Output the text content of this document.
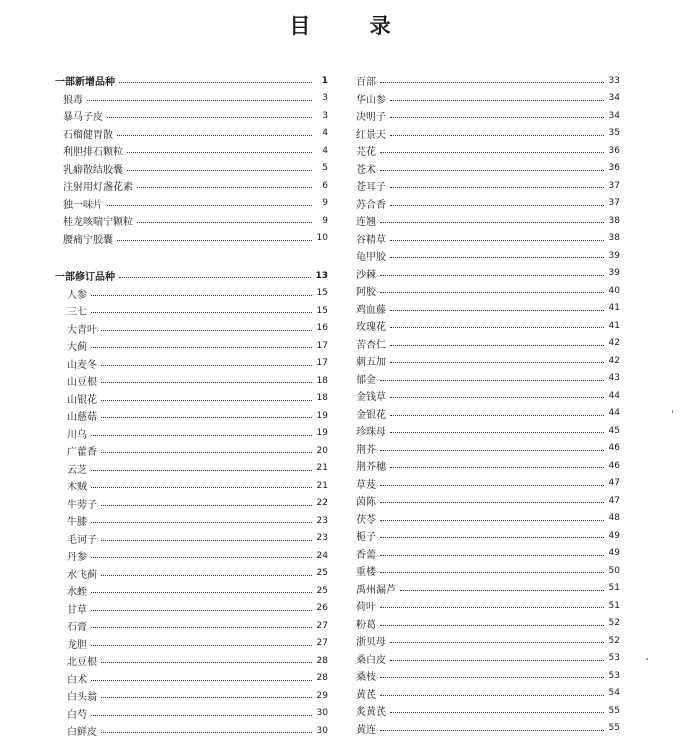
目 录
一部新增品种	1
狼毒	3
暴马子皮	3
石榴健胃散	4
利胆排石颗粒	4
乳癖散结胶囊	5
注射用灯盏花素	6
独一味片	9
桂龙咳喘宁颗粒	9
腰痛宁胶囊	10
一部修订品种	13
人参	15
三七	15
大青叶	16
大蓟	17
山麦冬	17
山豆根	18
山银花	18
山慈菇	19
川乌	19
广藿香	20
云芝	21
木贼	21
牛蒡子	22
牛膝	23
毛诃子	23
丹参	24
水飞蓟	25
水蛭	25
甘草	26
石膏	27
龙胆	27
北豆根	28
白术	28
白头翁	29
白芍	30
白鲜皮	30
百部	33
华山参	34
决明子	34
红景天	35
芫花	36
苍术	36
苍耳子	37
苏合香	37
连翘	38
谷精草	38
龟甲胶	39
沙棘	39
阿胶	40
鸡血藤	41
玫瑰花	41
苦杏仁	42
刺五加	42
郁金	43
金钱草	44
金银花	44
珍珠母	45
荆芥	46
荆芥穗	46
草芨	47
茵陈	47
茯苓	48
栀子	49
香薷	49
重楼	50
禹州漏芦	51
荷叶	51
粉葛	52
浙贝母	52
桑白皮	53
桑枝	53
黄芪	54
炙黄芪	55
黄连	55
